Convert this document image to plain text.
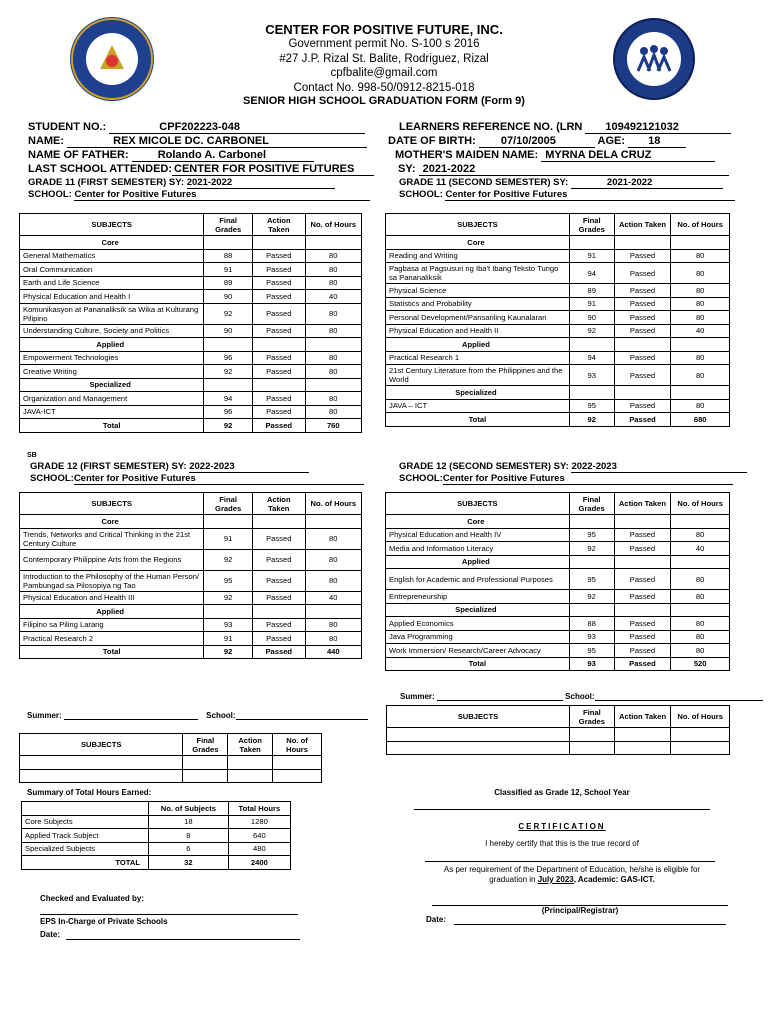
CENTER FOR POSITIVE FUTURE, INC.
Government permit No. S-100 s 2016
#27 J.P. Rizal St. Balite, Rodriguez, Rizal
cpfbalite@gmail.com
Contact No. 998-50/0912-8215-018
SENIOR HIGH SCHOOL GRADUATION FORM (Form 9)
STUDENT NO.:	CPF202223-048	LEARNERS REFERENCE NO. (LRN 109492121032
NAME:	REX MICOLE DC. CARBONEL	DATE OF BIRTH: 07/10/2005	AGE: 18
NAME OF FATHER:	Rolando A. Carbonel	MOTHER'S MAIDEN NAME: MYRNA DELA CRUZ
LAST SCHOOL ATTENDED: CENTER FOR POSITIVE FUTURES	SY: 2021-2022
GRADE 11 (FIRST SEMESTER) SY: 2021-2022
SCHOOL: Center for Positive Futures
GRADE 11 (SECOND SEMESTER) SY:	2021-2022
SCHOOL: Center for Positive Futures
SUBJECTS	Final Grades	Action Taken	No. of Hours
Core			
General Mathematics	88	Passed	80
Oral Communication	91	Passed	80
Earth and Life Science	89	Passed	80
Physical Education and Health I	90	Passed	40
Komunikasyon at Pananaliksik sa Wika at Kulturang Pilipino	92	Passed	80
Understanding Culture, Society and Politics	90	Passed	80
Applied			
Empowerment Technologies	96	Passed	80
Creative Writing	92	Passed	80
Specialized			
Organization and Management	94	Passed	80
JAVA-ICT	96	Passed	80
Total	92	Passed	760
SUBJECTS	Final Grades	Action Taken	No. of Hours
Core			
Reading and Writing	91	Passed	80
Pagbasa at Pagsusuri ng Iba't Ibang Teksto Tungo sa Pananaliksik	94	Passed	80
Physical Science	89	Passed	80
Statistics and Probability	91	Passed	80
Personal Development/Pansariling Kaunalaran	90	Passed	80
Physical Education and Health II	92	Passed	40
Applied			
Practical Research 1	94	Passed	80
21st Century Literature from the Philippines and the World	93	Passed	80
Specialized			
JAVA – ICT	95	Passed	80
Total	92	Passed	680
SB
GRADE 12 (FIRST SEMESTER) SY: 2022-2023
SCHOOL:Center for Positive Futures
GRADE 12 (SECOND SEMESTER) SY: 2022-2023
SCHOOL:Center for Positive Futures
SUBJECTS	Final Grades	Action Taken	No. of Hours
Core			
Trends, Networks and Critical Thinking in the 21st Century Culture	91	Passed	80
Contemporary Philippine Arts from the Regions	92	Passed	80
Introduction to the Philosophy of the Human Person/ Pambungad sa Pilosopiya ng Tao	95	Passed	80
Physical Education and Health III	92	Passed	40
Applied			
Filipino sa Piling Larang	93	Passed	80
Practical Research 2	91	Passed	80
Total	92	Passed	440
SUBJECTS	Final Grades	Action Taken	No. of Hours
Core			
Physical Education and Health IV	95	Passed	80
Media and Information Literacy	92	Passed	40
Applied			
English for Academic and Professional Purposes	95	Passed	80
Entrepreneurship	92	Passed	80
Specialized			
Applied Economics	88	Passed	80
Java Programming	93	Passed	80
Work Immersion/ Research/Career Advocacy	95	Passed	80
Total	93	Passed	520
Summer:	School:
SUBJECTS	Final Grades	Action Taken	No. of Hours

Summer:	School:
SUBJECTS	Final Grades	Action Taken	No. of Hours

Summary of Total Hours Earned:
	No. of Subjects	Total Hours
Core Subjects	18	1280
Applied Track Subject	8	640
Specialized Subjects	6	480
TOTAL	32	2400
Classified as Grade 12, School Year
CERTIFICATION
I hereby certify that this is the true record of
As per requirement of the Department of Education, he/she is eligible for
graduation in July 2023, Academic: GAS-ICT.
(Principal/Registrar)
Date:
Checked and Evaluated by:
EPS In-Charge of Private Schools
Date:
